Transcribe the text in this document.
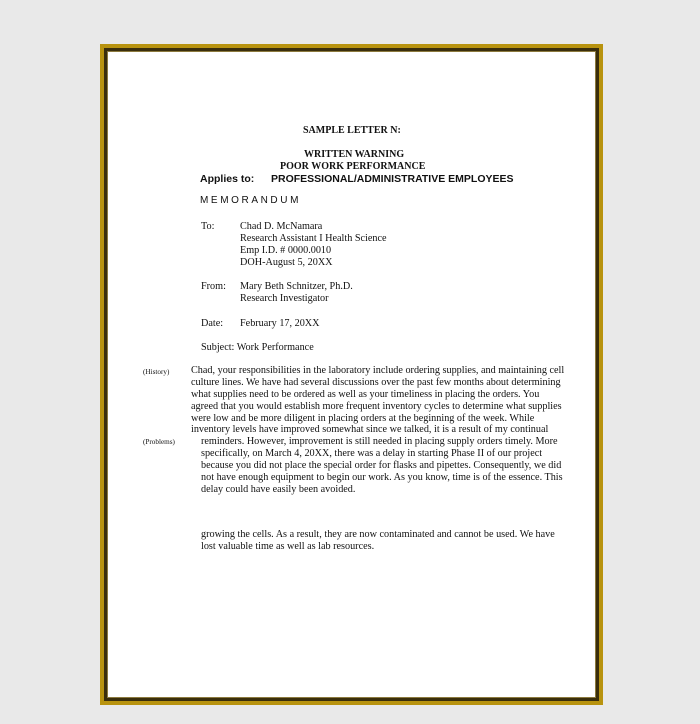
SAMPLE LETTER N:
WRITTEN WARNING
POOR WORK PERFORMANCE
Applies to: PROFESSIONAL/ADMINISTRATIVE EMPLOYEES
MEMORANDUM
To:	Chad D. McNamara
Research Assistant I Health Science
Emp I.D. # 0000.0010
DOH-August 5, 20XX
From: Mary Beth Schnitzer, Ph.D.
Research Investigator
Date: February 17, 20XX
Subject: Work Performance
(History)
(Problems)
Chad, your responsibilities in the laboratory include ordering supplies, and maintaining cell
culture lines. We have had several discussions over the past few months about determining
what supplies need to be ordered as well as your timeliness in placing the orders. You
agreed that you would establish more frequent inventory cycles to determine what supplies
were low and be more diligent in placing orders at the beginning of the week. While
inventory levels have improved somewhat since we talked, it is a result of my continual
reminders. However, improvement is still needed in placing supply orders timely. More
specifically, on March 4, 20XX, there was a delay in starting Phase II of our project
because you did not place the special order for flasks and pipettes. Consequently, we did
not have enough equipment to begin our work. As you know, time is of the essence. This
delay could have easily been avoided.
growing the cells. As a result, they are now contaminated and cannot be used. We have
lost valuable time as well as lab resources.
